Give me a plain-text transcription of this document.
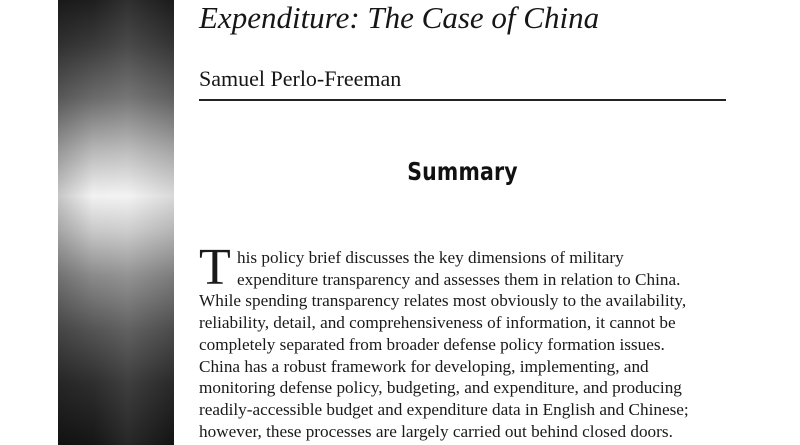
Expenditure: The Case of China
Samuel Perlo-Freeman
Summary
T his policy brief discusses the key dimensions of military
expenditure transparency and assesses them in relation to China.
While spending transparency relates most obviously to the availability,
reliability, detail, and comprehensiveness of information, it cannot be
completely separated from broader defense policy formation issues.
China has a robust framework for developing, implementing, and
monitoring defense policy, budgeting, and expenditure, and producing
readily-accessible budget and expenditure data in English and Chinese;
however, these processes are largely carried out behind closed doors.
